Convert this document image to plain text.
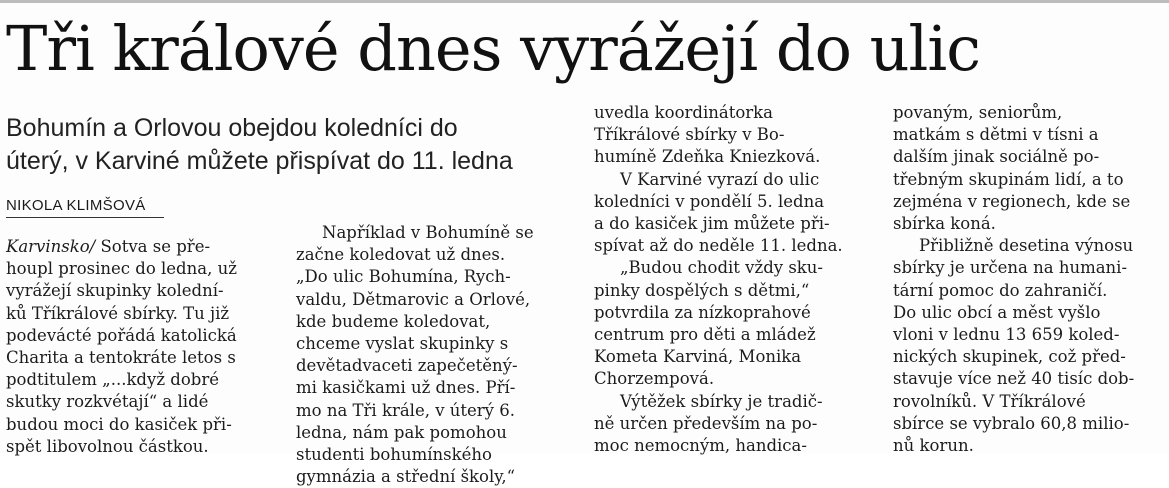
Tři králové dnes vyrážejí do ulic
Bohumín a Orlovou obejdou koledníci do
úterý, v Karviné můžete přispívat do 11. ledna
NIKOLA KLIMŠOVÁ
Karvinsko/ Sotva se pře-
houpl prosinec do ledna, už
vyrážejí skupinky kolední-
ků Tříkrálové sbírky. Tu již
podevácté pořádá katolická
Charita a tentokráte letos s
podtitulem „...když dobré
skutky rozkvétají“ a lidé
budou moci do kasiček při-
spět libovolnou částkou.
Například v Bohumíně se
začne koledovat už dnes.
„Do ulic Bohumína, Rych-
valdu, Dětmarovic a Orlové,
kde budeme koledovat,
chceme vyslat skupinky s
devětadvaceti zapečetěný-
mi kasičkami už dnes. Pří-
mo na Tři krále, v úterý 6.
ledna, nám pak pomohou
studenti bohumínského
gymnázia a střední školy,“
uvedla koordinátorka
Tříkrálové sbírky v Bo-
humíně Zdeňka Kniezková.
V Karviné vyrazí do ulic
koledníci v pondělí 5. ledna
a do kasiček jim můžete při-
spívat až do neděle 11. ledna.
„Budou chodit vždy sku-
pinky dospělých s dětmi,“
potvrdila za nízkoprahové
centrum pro děti a mládež
Kometa Karviná, Monika
Chorzempová.
Výtěžek sbírky je tradič-
ně určen především na po-
moc nemocným, handica-
povaným, seniorům,
matkám s dětmi v tísni a
dalším jinak sociálně po-
třebným skupinám lidí, a to
zejména v regionech, kde se
sbírka koná.
Přibližně desetina výnosu
sbírky je určena na humani-
tární pomoc do zahraničí.
Do ulic obcí a měst vyšlo
vloni v lednu 13 659 koled-
nických skupinek, což před-
stavuje více než 40 tisíc dob-
rovolníků. V Tříkrálové
sbírce se vybralo 60,8 milio-
nů korun.
